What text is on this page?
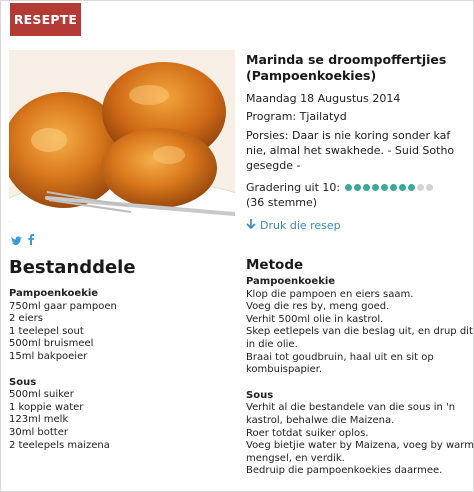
RESEPTE
Marinda se droompoffertjies (Pampoenkoekies)
Maandag 18 Augustus 2014
Program: Tjailatyd
Porsies: Daar is nie koring sonder kaf nie, almal het swakhede. - Suid Sotho gesegde -
Gradering uit 10:
(36 stemme)
Druk die resep
Bestanddele	Metode
Pampoenkoekie
750ml gaar pampoen
2 eiers
1 teelepel sout
500ml bruismeel
15ml bakpoeier
Sous
500ml suiker
1 koppie water
123ml melk
30ml botter
2 teelepels maizena
Pampoenkoekie
Klop die pampoen en eiers saam.
Voeg die res by, meng goed.
Verhit 500ml olie in kastrol.
Skep eetlepels van die beslag uit, en drup dit
in die olie.
Braai tot goudbruin, haal uit en sit op
kombuispapier.
Sous
Verhit al die bestandele van die sous in 'n
kastrol, behalwe die Maizena.
Roer totdat suiker oplos.
Voeg bietjie water by Maizena, voeg by warm
mengsel, en verdik.
Bedruip die pampoenkoekies daarmee.
